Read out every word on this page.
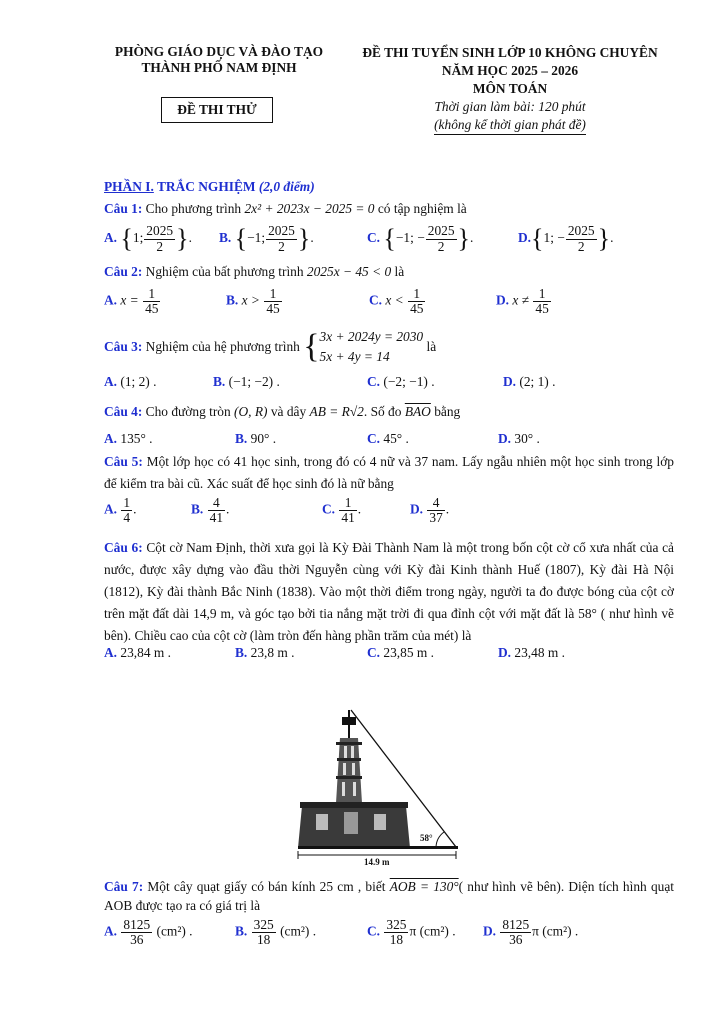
PHÒNG GIÁO DỤC VÀ ĐÀO TẠO
THÀNH PHỐ NAM ĐỊNH
ĐỀ THI THỬ
ĐỀ THI TUYỂN SINH LỚP 10 KHÔNG CHUYÊN
NĂM HỌC 2025 – 2026
MÔN TOÁN
Thời gian làm bài: 120 phút
(không kể thời gian phát đề)
PHẦN I. TRẮC NGHIỆM (2,0 điểm)
Câu 1: Cho phương trình 2x² + 2023x − 2025 = 0 có tập nghiệm là
A. {1; $\frac{2025}{2}$ }. B. {−1; $\frac{2025}{2}$ }.	C. {−1; − $\frac{2025}{2}$ }.	D.{1; − $\frac{2025}{2}$ }.
Câu 2: Nghiệm của bất phương trình 2025x − 45 < 0 là
A. $x = \frac{1}{45}$	B. $x > \frac{1}{45}$	C. $x < \frac{1}{45}$	D. $x \ne \frac{1}{45}$
Câu 3: Nghiệm của hệ phương trình { 3x + 2024y = 2030
5x + 4y = 14
là
A. (1; 2) .	B. (−1; −2) .	C. (−2; −1) .	D. (2; 1) .
Câu 4: Cho đường tròn (O, R) và dây AB = R√2. Số đo $\overline{BAO}$ bằng
A. 135° .	B. 90° .	C. 45° .	D. 30° .
Câu 5: Một lớp học có 41 học sinh, trong đó có 4 nữ và 37 nam. Lấy ngẫu nhiên một học sinh trong lớp để kiểm tra bài cũ. Xác suất để học sinh đó là nữ bằng
A. $\frac{1}{4}$ .	B. $\frac{4}{41}$ .	C. $\frac{1}{41}$ .	D. $\frac{4}{37}$ .
Câu 6: Cột cờ Nam Định, thời xưa gọi là Kỳ Đài Thành Nam là một trong bốn cột cờ cổ xưa nhất của cả nước, được xây dựng vào đầu thời Nguyễn cùng với Kỳ đài Kinh thành Huế (1807), Kỳ đài Hà Nội (1812), Kỳ đài thành Bắc Ninh (1838). Vào một thời điểm trong ngày, người ta đo được bóng của cột cờ trên mặt đất dài 14,9 m, và góc tạo bởi tia nắng mặt trời đi qua đỉnh cột với mặt đất là 58° ( như hình vẽ bên). Chiều cao của cột cờ (làm tròn đến hàng phần trăm của mét) là
A. 23,84 m .	B. 23,8 m .	C. 23,85 m .	D. 23,48 m .
58°
14.9 m
Câu 7: Một cây quạt giấy có bán kính 25 cm , biết AOB = 130°( như hình vẽ bên). Diện tích hình quạt AOB được tạo ra có giá trị là
A. $\frac{8125}{36} (cm^2)$ .	B. $\frac{325}{18} (cm^2)$ .	C. $\frac{325}{18}$ π (cm²) . D. $\frac{8125}{36}$ π (cm²) .
